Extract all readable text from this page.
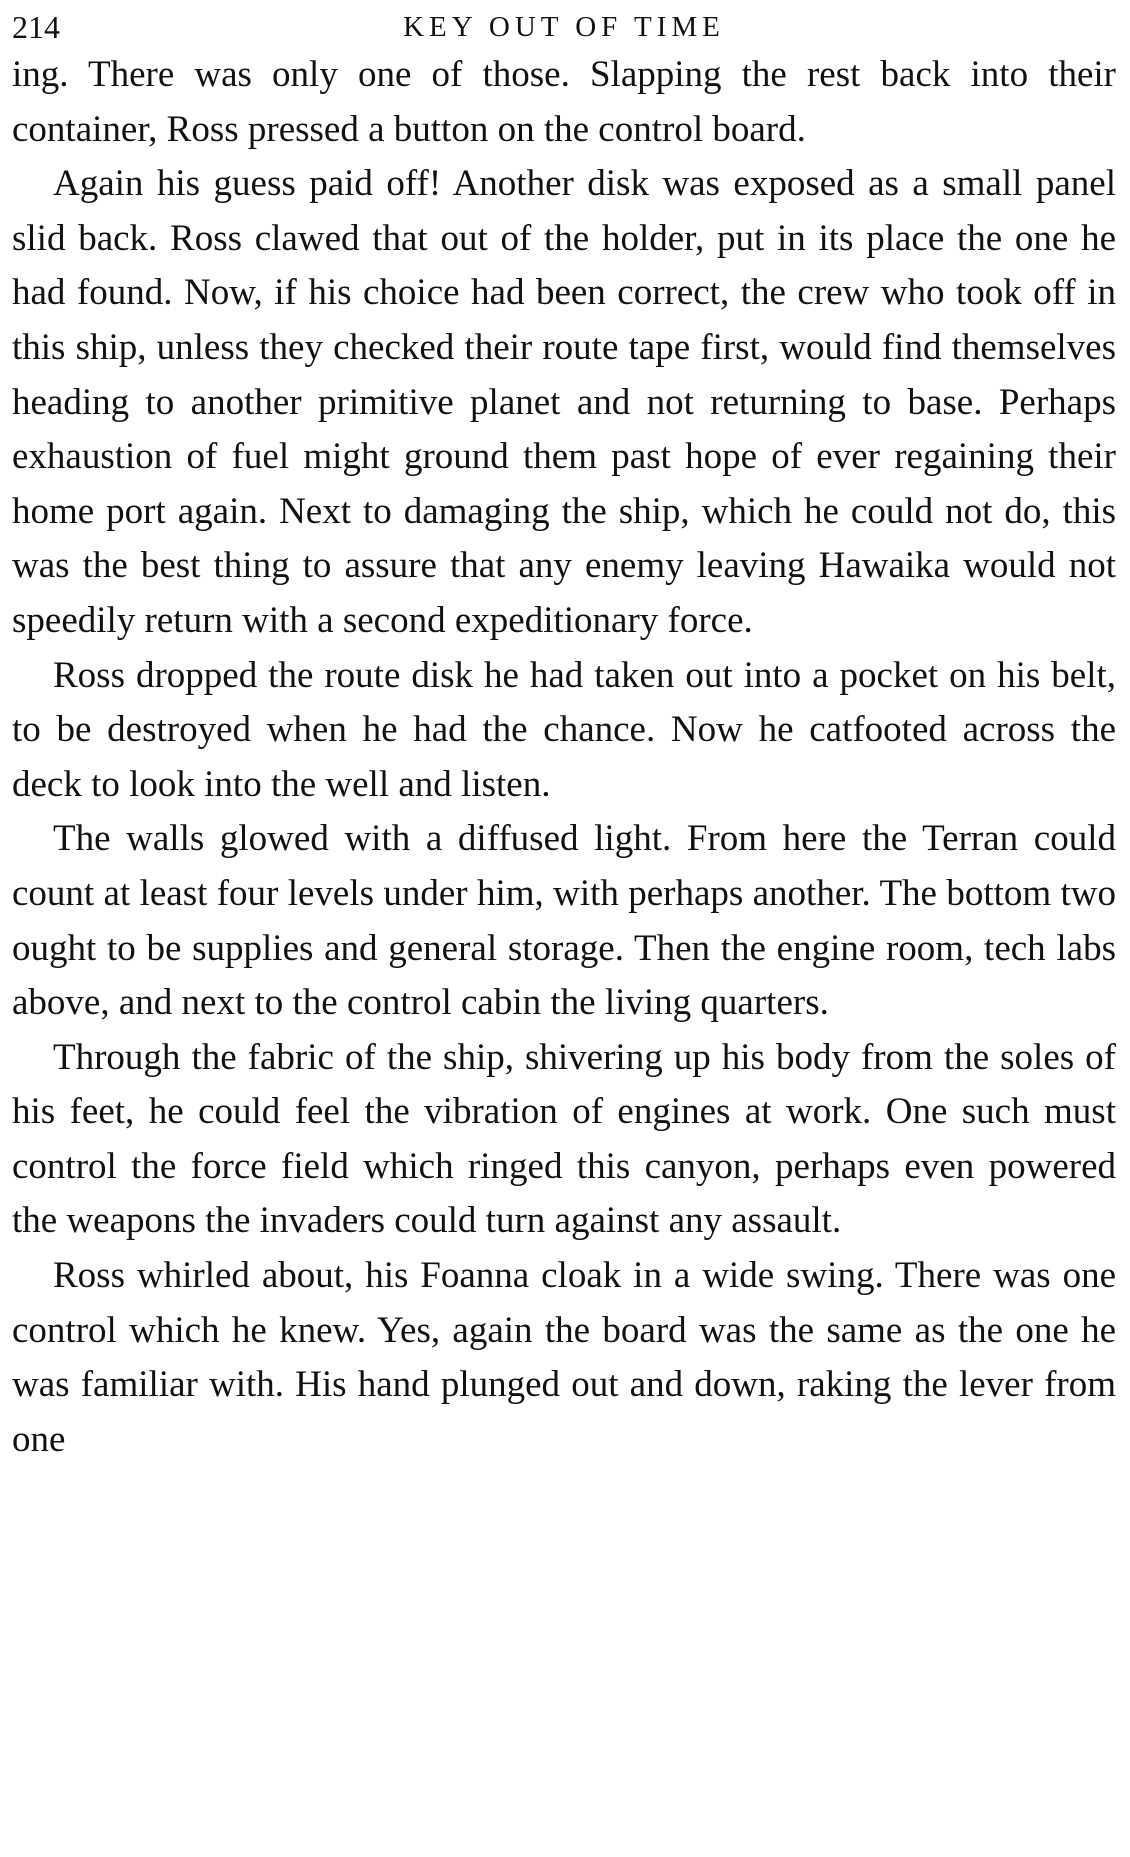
214	KEY OUT OF TIME

ing. There was only one of those. Slapping the rest back into their container, Ross pressed a button on the control board.

Again his guess paid off! Another disk was exposed as a small panel slid back. Ross clawed that out of the holder, put in its place the one he had found. Now, if his choice had been correct, the crew who took off in this ship, unless they checked their route tape first, would find themselves heading to another primitive planet and not returning to base. Perhaps exhaustion of fuel might ground them past hope of ever regaining their home port again. Next to damaging the ship, which he could not do, this was the best thing to assure that any enemy leaving Hawaika would not speedily return with a second expeditionary force.

Ross dropped the route disk he had taken out into a pocket on his belt, to be destroyed when he had the chance. Now he catfooted across the deck to look into the well and listen.

The walls glowed with a diffused light. From here the Terran could count at least four levels under him, with perhaps another. The bottom two ought to be supplies and general storage. Then the engine room, tech labs above, and next to the control cabin the living quarters.

Through the fabric of the ship, shivering up his body from the soles of his feet, he could feel the vibration of engines at work. One such must control the force field which ringed this canyon, perhaps even powered the weapons the invaders could turn against any assault.

Ross whirled about, his Foanna cloak in a wide swing. There was one control which he knew. Yes, again the board was the same as the one he was familiar with. His hand plunged out and down, raking the lever from one
